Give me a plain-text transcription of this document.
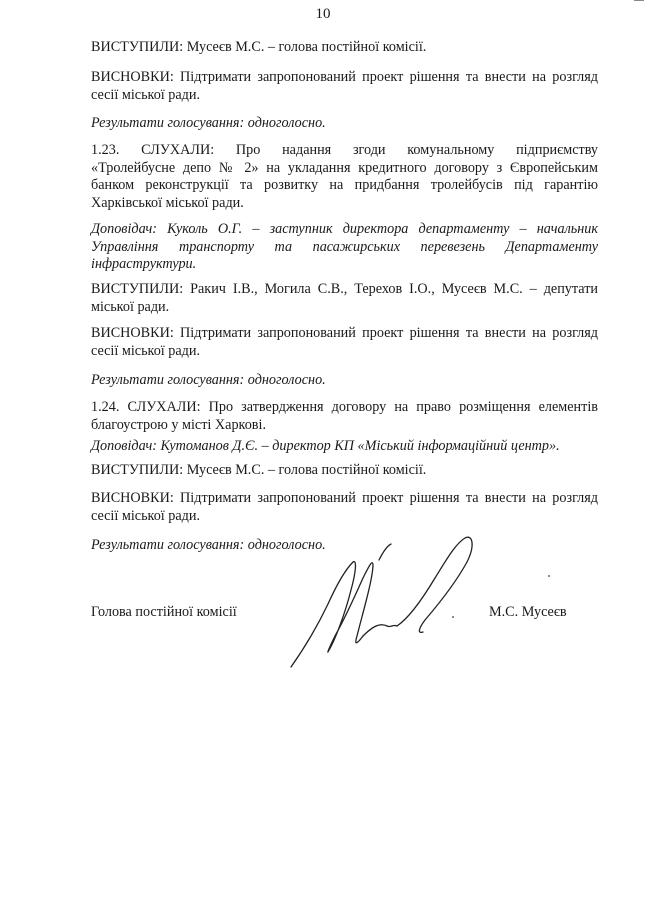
10

ВИСТУПИЛИ: Мусеєв М.С. – голова постійної комісії.

ВИСНОВКИ: Підтримати запропонований проект рішення та внести на розгляд сесії міської ради.

Результати голосування: одноголосно.

1.23. СЛУХАЛИ: Про надання згоди комунальному підприємству
«Тролейбусне депо № 2» на укладання кредитного договору з Європейським банком реконструкції та розвитку на придбання тролейбусів під гарантію Харківської міської ради.

Доповідач: Куколь О.Г. – заступник директора департаменту – начальник Управління транспорту та пасажирських перевезень Департаменту інфраструктури.

ВИСТУПИЛИ: Ракич І.В., Могила С.В., Терехов І.О., Мусеєв М.С. – депутати міської ради.

ВИСНОВКИ: Підтримати запропонований проект рішення та внести на розгляд сесії міської ради.

Результати голосування: одноголосно.

1.24. СЛУХАЛИ: Про затвердження договору на право розміщення елементів благоустрою у місті Харкові.

Доповідач: Кутоманов Д.Є. – директор КП «Міський інформаційний центр».

ВИСТУПИЛИ: Мусеєв М.С. – голова постійної комісії.

ВИСНОВКИ: Підтримати запропонований проект рішення та внести на розгляд сесії міської ради.

Результати голосування: одноголосно.

Голова постійної комісії	М.С. Мусеєв
